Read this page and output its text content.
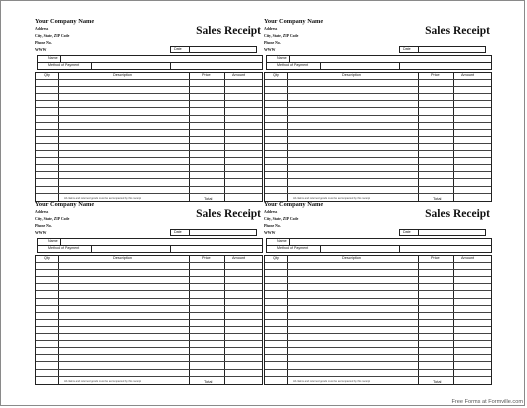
Your Company Name
Address
City, State, ZIP Code
Phone No.
WWW
Sales Receipt
Date
Name
Method of Payment
Qty	Description	Price	Amount
All claims and returned goods must be accompanied by this receipt	Total
Your Company Name
Address
City, State, ZIP Code
Phone No.
WWW
Sales Receipt
Date
Name
Method of Payment
Qty	Description	Price	Amount
All claims and returned goods must be accompanied by this receipt	Total
Your Company Name
Address
City, State, ZIP Code
Phone No.
WWW
Sales Receipt
Date
Name
Method of Payment
Qty	Description	Price	Amount
All claims and returned goods must be accompanied by this receipt	Total
Your Company Name
Address
City, State, ZIP Code
Phone No.
WWW
Sales Receipt
Date
Name
Method of Payment
Qty	Description	Price	Amount
All claims and returned goods must be accompanied by this receipt	Total
Free Forms at Formville.com
